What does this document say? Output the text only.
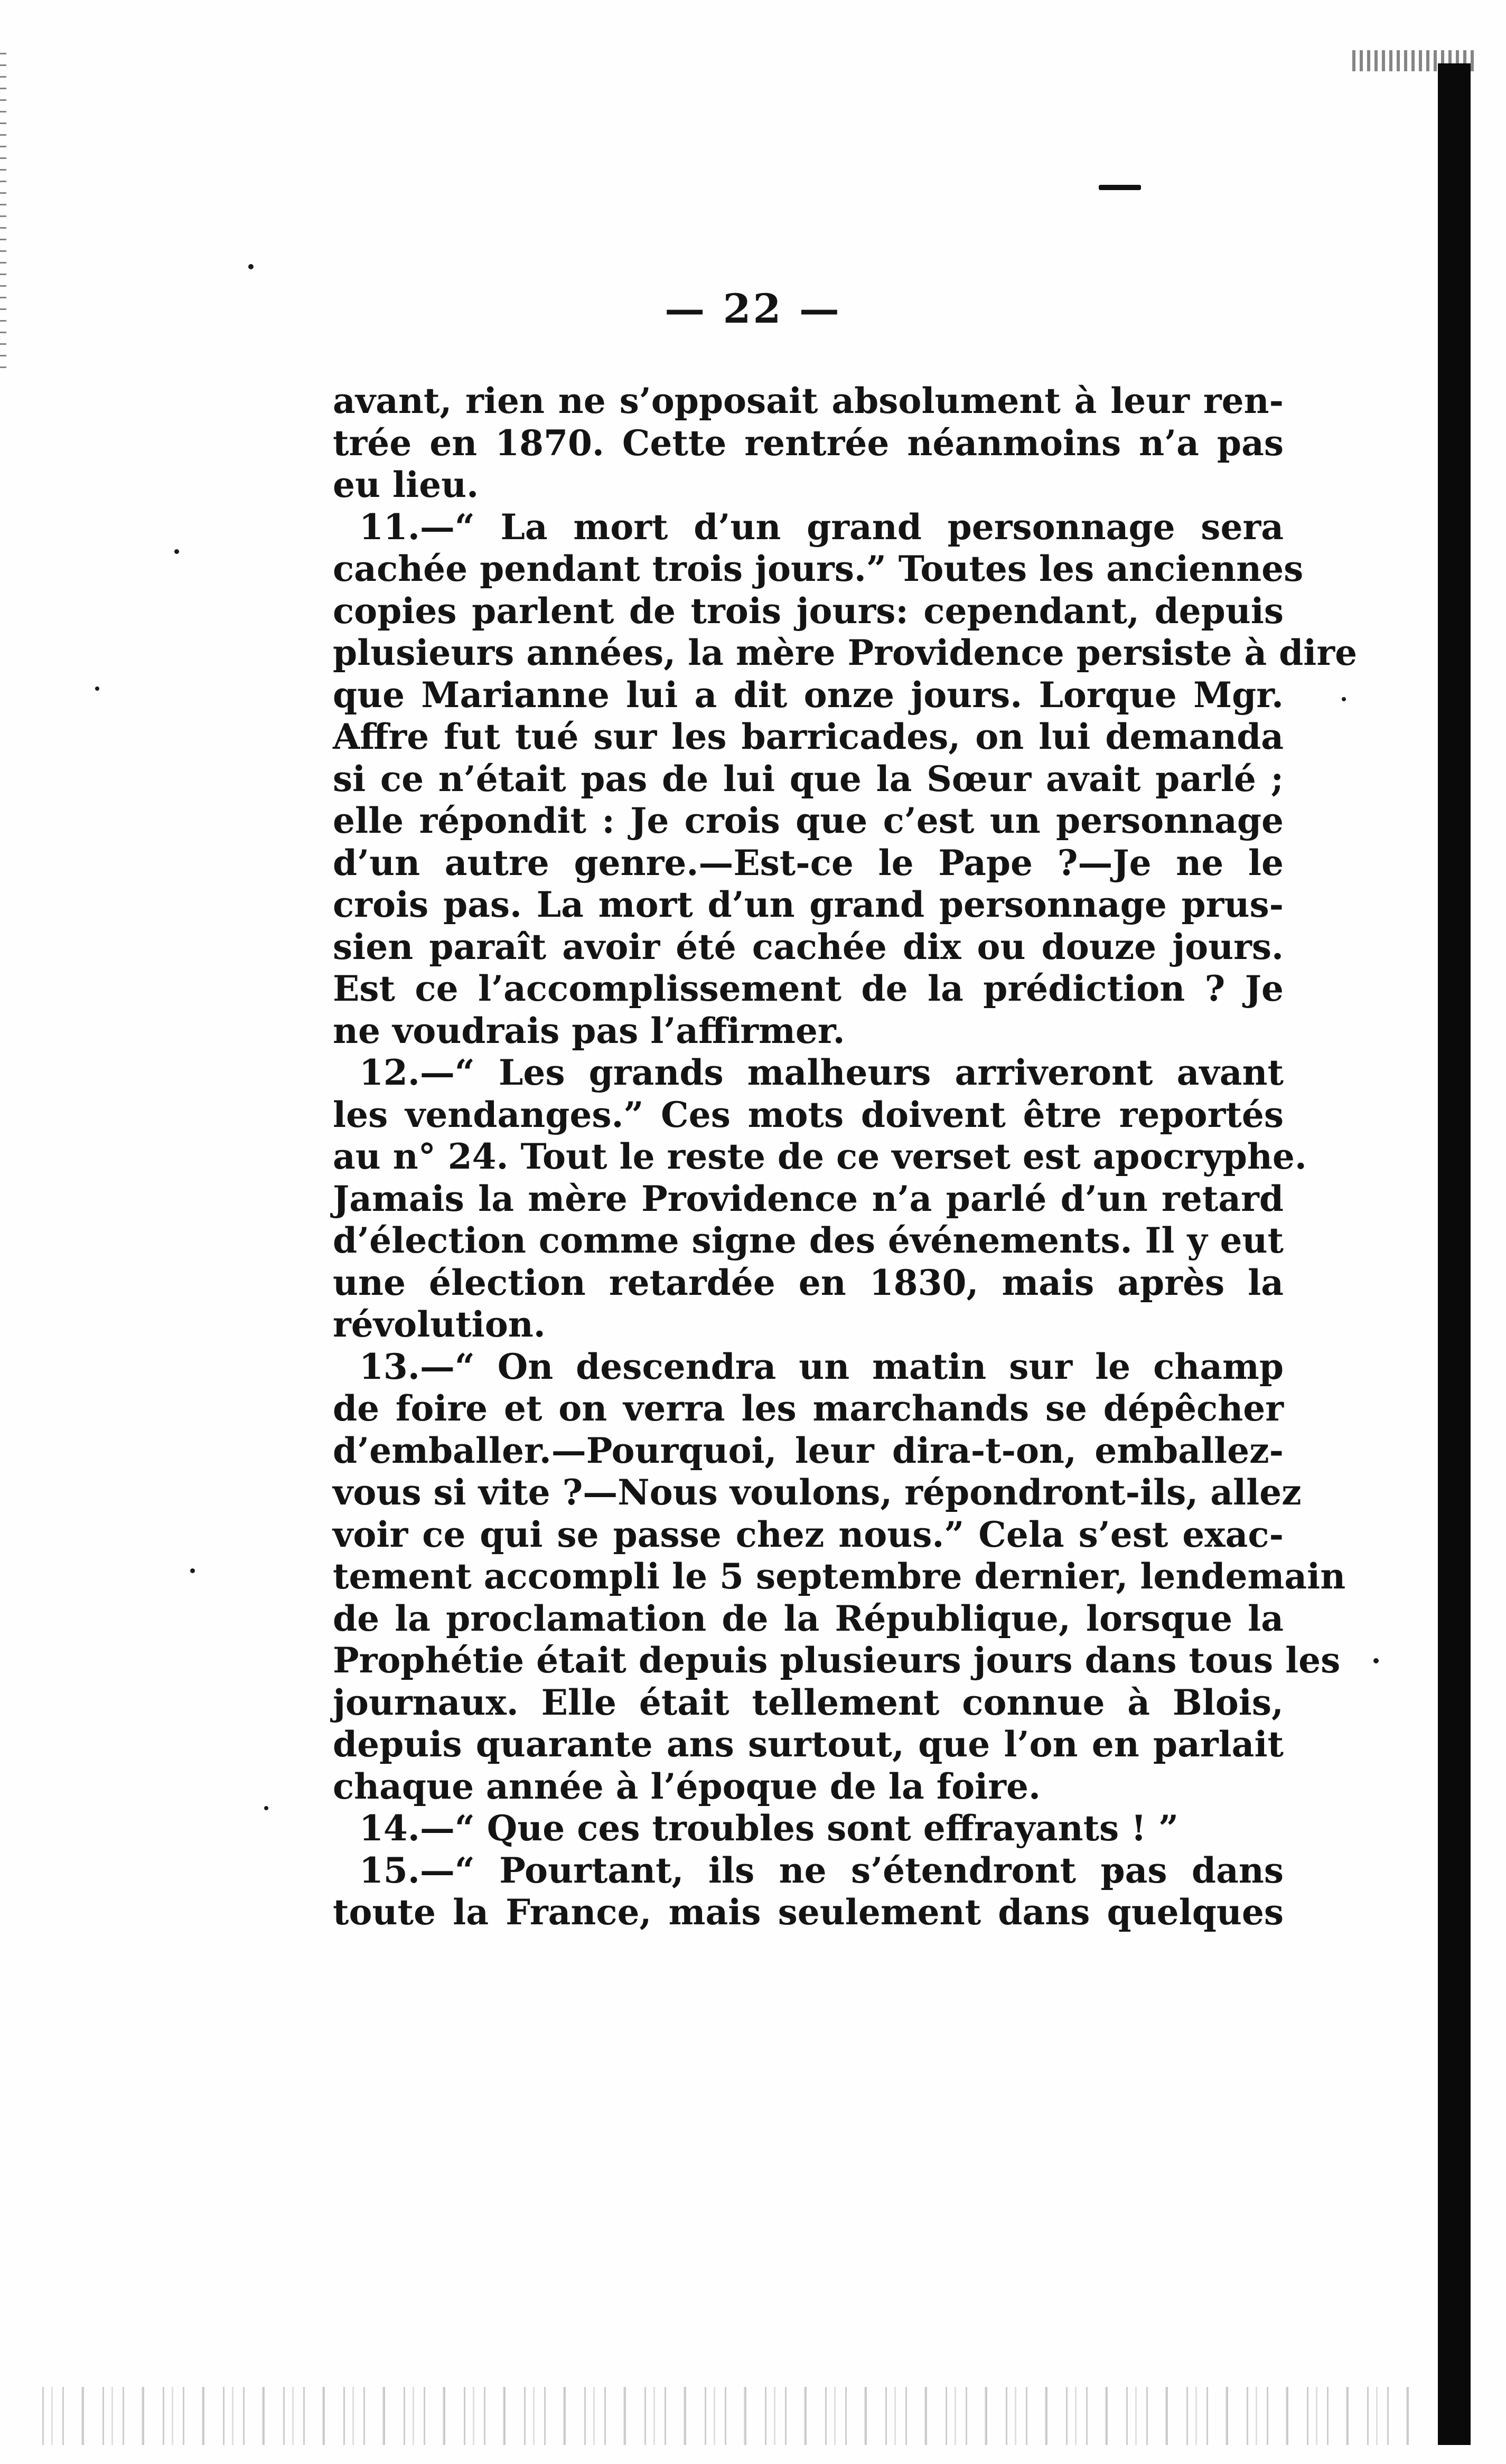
— 22 —
avant, rien ne s’opposait absolument à leur ren-
trée en 1870. Cette rentrée néanmoins n’a pas
eu lieu.
11.—“ La mort d’un grand personnage sera
cachée pendant trois jours.” Toutes les anciennes
copies parlent de trois jours: cependant, depuis
plusieurs années, la mère Providence persiste à dire
que Marianne lui a dit onze jours. Lorque Mgr.
Affre fut tué sur les barricades, on lui demanda
si ce n’était pas de lui que la Sœur avait parlé ;
elle répondit : Je crois que c’est un personnage
d’un autre genre.—Est-ce le Pape ?—Je ne le
crois pas. La mort d’un grand personnage prus-
sien paraît avoir été cachée dix ou douze jours.
Est ce l’accomplissement de la prédiction ? Je
ne voudrais pas l’affirmer.
12.—“ Les grands malheurs arriveront avant
les vendanges.” Ces mots doivent être reportés
au n° 24. Tout le reste de ce verset est apocryphe.
Jamais la mère Providence n’a parlé d’un retard
d’élection comme signe des événements. Il y eut
une élection retardée en 1830, mais après la
révolution.
13.—“ On descendra un matin sur le champ
de foire et on verra les marchands se dépêcher
d’emballer.—Pourquoi, leur dira-t-on, emballez-
vous si vite ?—Nous voulons, répondront-ils, allez
voir ce qui se passe chez nous.” Cela s’est exac-
tement accompli le 5 septembre dernier, lendemain
de la proclamation de la République, lorsque la
Prophétie était depuis plusieurs jours dans tous les
journaux. Elle était tellement connue à Blois,
depuis quarante ans surtout, que l’on en parlait
chaque année à l’époque de la foire.
14.—“ Que ces troubles sont effrayants ! ”
15.—“ Pourtant, ils ne s’étendront pas dans
toute la France, mais seulement dans quelques
